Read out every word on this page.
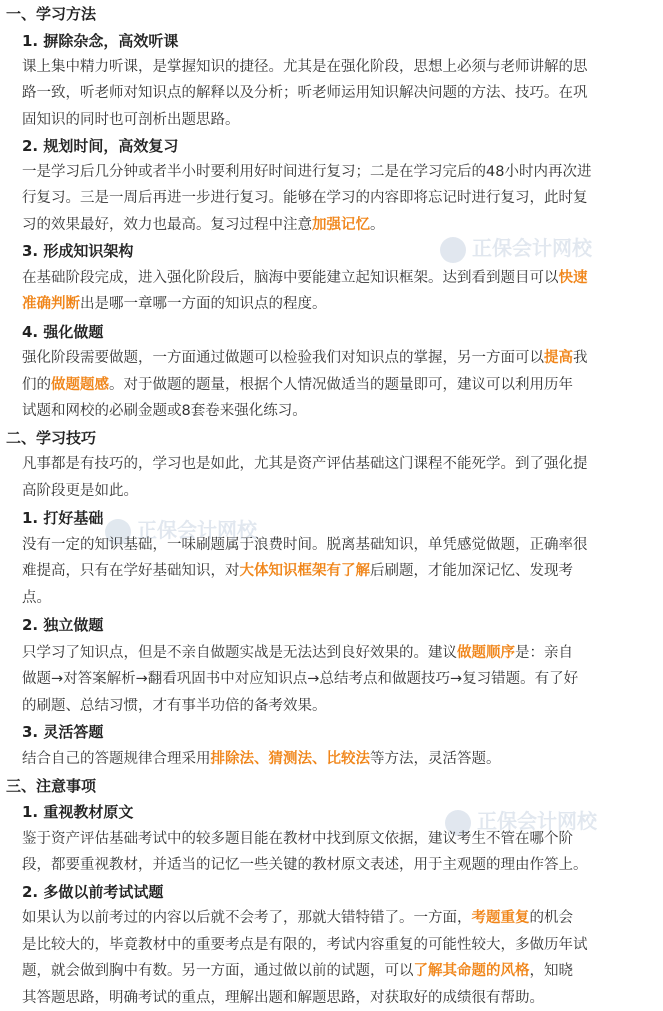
正保会计网校
正保会计网校
正保会计网校
一、学习方法
1. 摒除杂念，高效听课
课上集中精力听课，是掌握知识的捷径。尤其是在强化阶段，思想上必须与老师讲解的思
路一致，听老师对知识点的解释以及分析；听老师运用知识解决问题的方法、技巧。在巩
固知识的同时也可剖析出题思路。
2. 规划时间，高效复习
一是学习后几分钟或者半小时要利用好时间进行复习；二是在学习完后的48小时内再次进
行复习。三是一周后再进一步进行复习。能够在学习的内容即将忘记时进行复习，此时复
习的效果最好，效力也最高。复习过程中注意加强记忆。
3. 形成知识架构
在基础阶段完成，进入强化阶段后，脑海中要能建立起知识框架。达到看到题目可以快速
准确判断出是哪一章哪一方面的知识点的程度。
4. 强化做题
强化阶段需要做题，一方面通过做题可以检验我们对知识点的掌握，另一方面可以提高我
们的做题题感。对于做题的题量，根据个人情况做适当的题量即可，建议可以利用历年
试题和网校的必刷金题或8套卷来强化练习。
二、学习技巧
凡事都是有技巧的，学习也是如此，尤其是资产评估基础这门课程不能死学。到了强化提
高阶段更是如此。
1. 打好基础
没有一定的知识基础，一味刷题属于浪费时间。脱离基础知识，单凭感觉做题，正确率很
难提高，只有在学好基础知识，对大体知识框架有了解后刷题，才能加深记忆、发现考
点。
2. 独立做题
只学习了知识点，但是不亲自做题实战是无法达到良好效果的。建议做题顺序是：亲自
做题→对答案解析→翻看巩固书中对应知识点→总结考点和做题技巧→复习错题。有了好
的刷题、总结习惯，才有事半功倍的备考效果。
3. 灵活答题
结合自己的答题规律合理采用排除法、猜测法、比较法等方法，灵活答题。
三、注意事项
1. 重视教材原文
鉴于资产评估基础考试中的较多题目能在教材中找到原文依据，建议考生不管在哪个阶
段，都要重视教材，并适当的记忆一些关键的教材原文表述，用于主观题的理由作答上。
2. 多做以前考试试题
如果认为以前考过的内容以后就不会考了，那就大错特错了。一方面，考题重复的机会
是比较大的，毕竟教材中的重要考点是有限的，考试内容重复的可能性较大，多做历年试
题，就会做到胸中有数。另一方面，通过做以前的试题，可以了解其命题的风格，知晓
其答题思路，明确考试的重点，理解出题和解题思路，对获取好的成绩很有帮助。
